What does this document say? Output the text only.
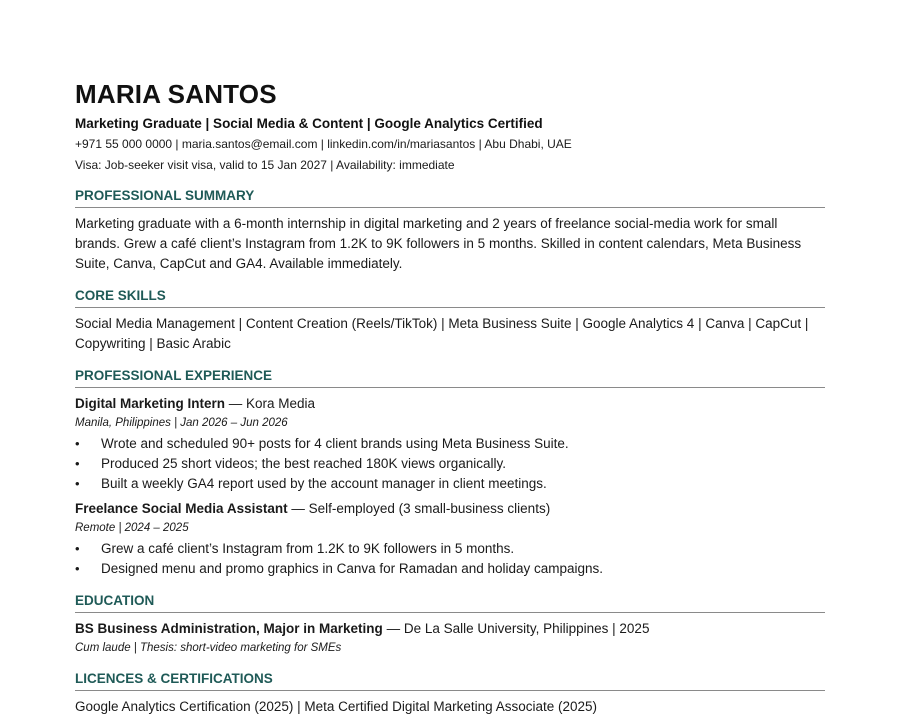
MARIA SANTOS
Marketing Graduate | Social Media & Content | Google Analytics Certified
+971 55 000 0000 | maria.santos@email.com | linkedin.com/in/mariasantos | Abu Dhabi, UAE
Visa: Job-seeker visit visa, valid to 15 Jan 2027 | Availability: immediate
PROFESSIONAL SUMMARY

Marketing graduate with a 6-month internship in digital marketing and 2 years of freelance social-media work for small brands. Grew a café client’s Instagram from 1.2K to 9K followers in 5 months. Skilled in content calendars, Meta Business Suite, Canva, CapCut and GA4. Available immediately.

CORE SKILLS

Social Media Management | Content Creation (Reels/TikTok) | Meta Business Suite | Google Analytics 4 | Canva | CapCut | Copywriting | Basic Arabic

PROFESSIONAL EXPERIENCE
Digital Marketing Intern — Kora Media
Manila, Philippines | Jan 2026 – Jun 2026
• Wrote and scheduled 90+ posts for 4 client brands using Meta Business Suite.
• Produced 25 short videos; the best reached 180K views organically.
• Built a weekly GA4 report used by the account manager in client meetings.
Freelance Social Media Assistant — Self-employed (3 small-business clients)
Remote | 2024 – 2025
• Grew a café client’s Instagram from 1.2K to 9K followers in 5 months.
• Designed menu and promo graphics in Canva for Ramadan and holiday campaigns.
EDUCATION
BS Business Administration, Major in Marketing — De La Salle University, Philippines | 2025
Cum laude | Thesis: short-video marketing for SMEs
LICENCES & CERTIFICATIONS

Google Analytics Certification (2025) | Meta Certified Digital Marketing Associate (2025)
